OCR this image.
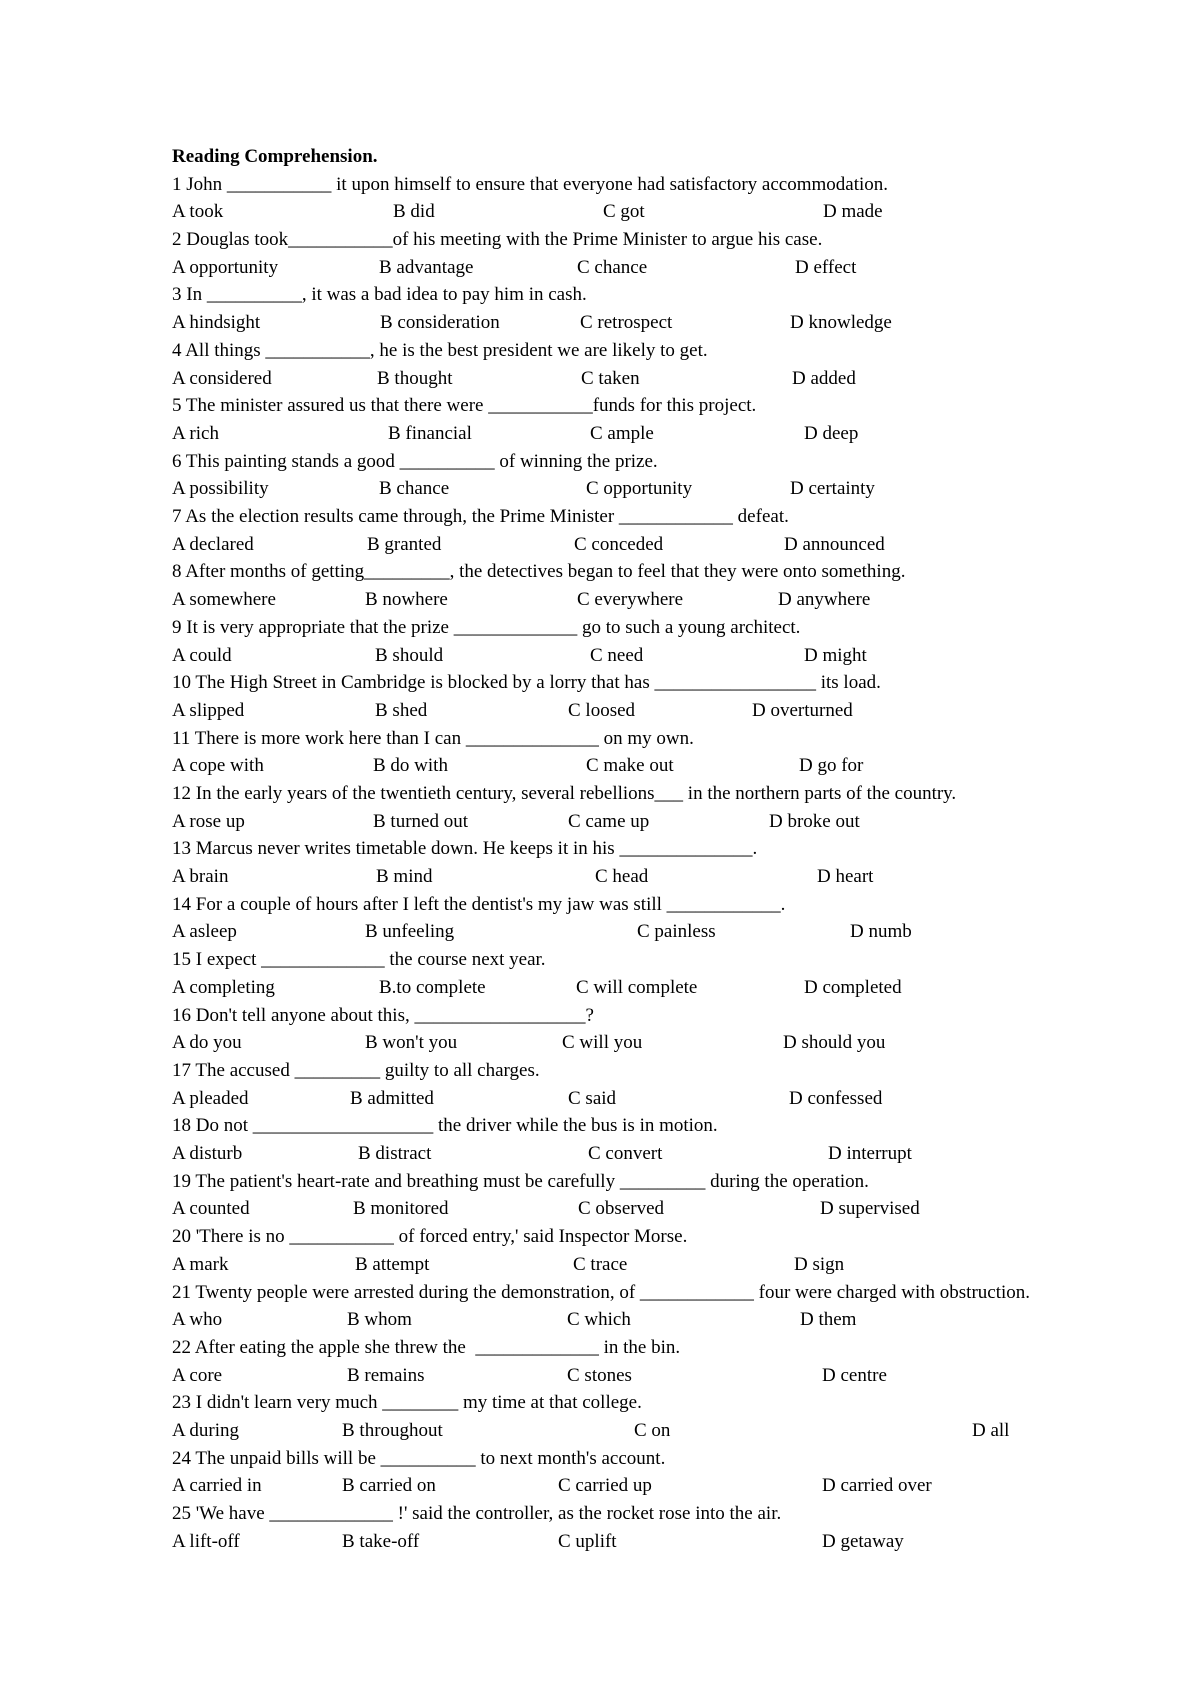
Reading Comprehension.
1 John ___________ it upon himself to ensure that everyone had satisfactory accommodation.
A took	B did	C got	D made
2 Douglas took___________of his meeting with the Prime Minister to argue his case.
A opportunity	B advantage	C chance	D effect
3 In __________, it was a bad idea to pay him in cash.
A hindsight	B consideration	C retrospect	D knowledge
4 All things ___________, he is the best president we are likely to get.
A considered	B thought	C taken	D added
5 The minister assured us that there were ___________funds for this project.
A rich	B financial	C ample	D deep
6 This painting stands a good __________ of winning the prize.
A possibility	B chance	C opportunity	D certainty
7 As the election results came through, the Prime Minister ____________ defeat.
A declared	B granted	C conceded	D announced
8 After months of getting_________, the detectives began to feel that they were onto something.
A somewhere	B nowhere	C everywhere	D anywhere
9 It is very appropriate that the prize _____________ go to such a young architect.
A could	B should	C need	D might
10 The High Street in Cambridge is blocked by a lorry that has _________________ its load.
A slipped	B shed	C loosed	D overturned
11 There is more work here than I can ______________ on my own.
A cope with	B do with	C make out	D go for
12 In the early years of the twentieth century, several rebellions___ in the northern parts of the country.
A rose up	B turned out	C came up	D broke out
13 Marcus never writes timetable down. He keeps it in his ______________.
A brain	B mind	C head	D heart
14 For a couple of hours after I left the dentist's my jaw was still ____________.
A asleep	B unfeeling	C painless	D numb
15 I expect _____________ the course next year.
A completing	B.to complete	C will complete	D completed
16 Don't tell anyone about this, __________________?
A do you	B won't you	C will you	D should you
17 The accused _________ guilty to all charges.
A pleaded	B admitted	C said	D confessed
18 Do not ___________________ the driver while the bus is in motion.
A disturb	B distract	C convert	D interrupt
19 The patient's heart-rate and breathing must be carefully _________ during the operation.
A counted	B monitored	C observed	D supervised
20 'There is no ___________ of forced entry,' said Inspector Morse.
A mark	B attempt	C trace	D sign
21 Twenty people were arrested during the demonstration, of ____________ four were charged with obstruction.
A who	B whom	C which	D them
22 After eating the apple she threw the  _____________ in the bin.
A core	B remains	C stones	D centre
23 I didn't learn very much ________ my time at that college.
A during	B throughout	C on	D all
24 The unpaid bills will be __________ to next month's account.
A carried in	B carried on	C carried up	D carried over
25 'We have _____________ !' said the controller, as the rocket rose into the air.
A lift-off	B take-off	C uplift	D getaway
